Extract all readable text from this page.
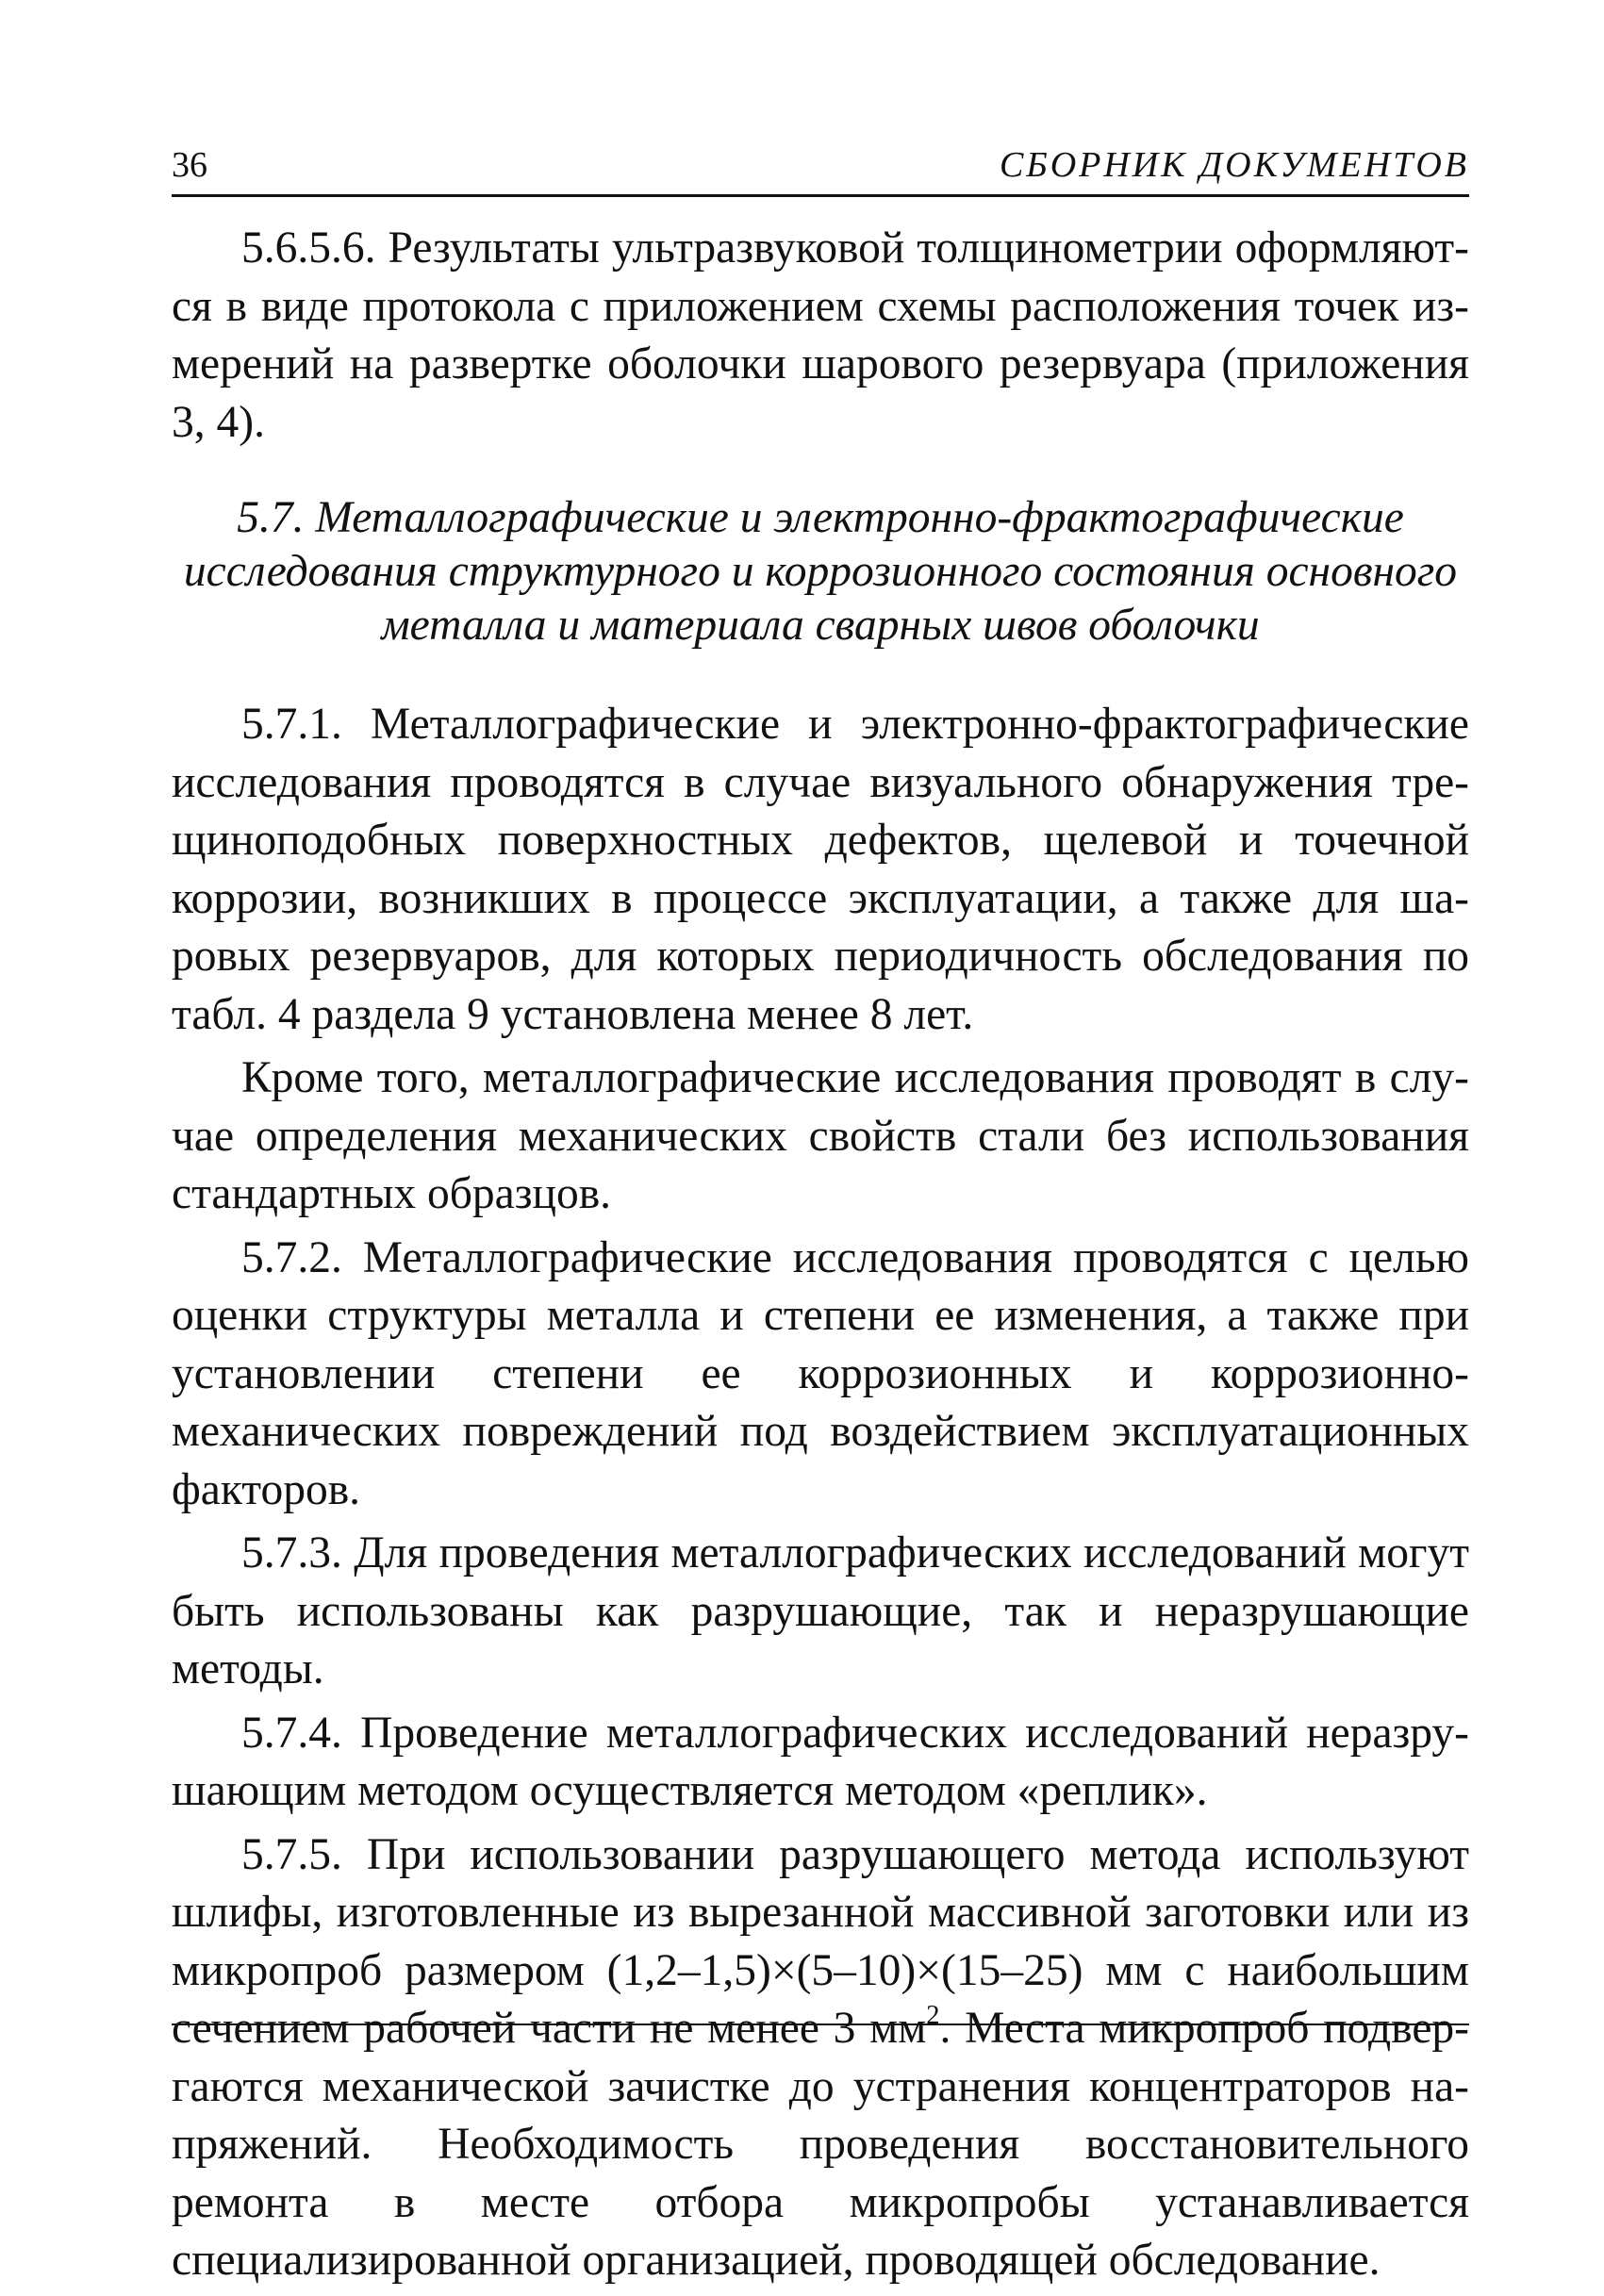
36	СБОРНИК ДОКУМЕНТОВ

5.6.5.6. Результаты ультразвуковой толщинометрии оформляются в виде протокола с приложением схемы расположения точек измерений на развертке оболочки шарового резервуара (приложения 3, 4).

5.7. Металлографические и электронно-фрактографические исследования структурного и коррозионного состояния основного металла и материала сварных швов оболочки

5.7.1. Металлографические и электронно-фрактографические исследования проводятся в случае визуального обнаружения трещиноподобных поверхностных дефектов, щелевой и точечной коррозии, возникших в процессе эксплуатации, а также для шаровых резервуаров, для которых периодичность обследования по табл. 4 раздела 9 установлена менее 8 лет.

Кроме того, металлографические исследования проводят в случае определения механических свойств стали без использования стандартных образцов.

5.7.2. Металлографические исследования проводятся с целью оценки структуры металла и степени ее изменения, а также при установлении степени ее коррозионных и коррозионно-механических повреждений под воздействием эксплуатационных факторов.

5.7.3. Для проведения металлографических исследований могут быть использованы как разрушающие, так и неразрушающие методы.

5.7.4. Проведение металлографических исследований неразрушающим методом осуществляется методом «реплик».

5.7.5. При использовании разрушающего метода используют шлифы, изготовленные из вырезанной массивной заготовки или из микропроб размером (1,2–1,5)×(5–10)×(15–25) мм с наибольшим сечением рабочей части не менее 3 $мм^2$. Места микропроб подвергаются механической зачистке до устранения концентраторов напряжений. Необходимость проведения восстановительного ремонта в месте отбора микропробы устанавливается специализированной организацией, проводящей обследование.
